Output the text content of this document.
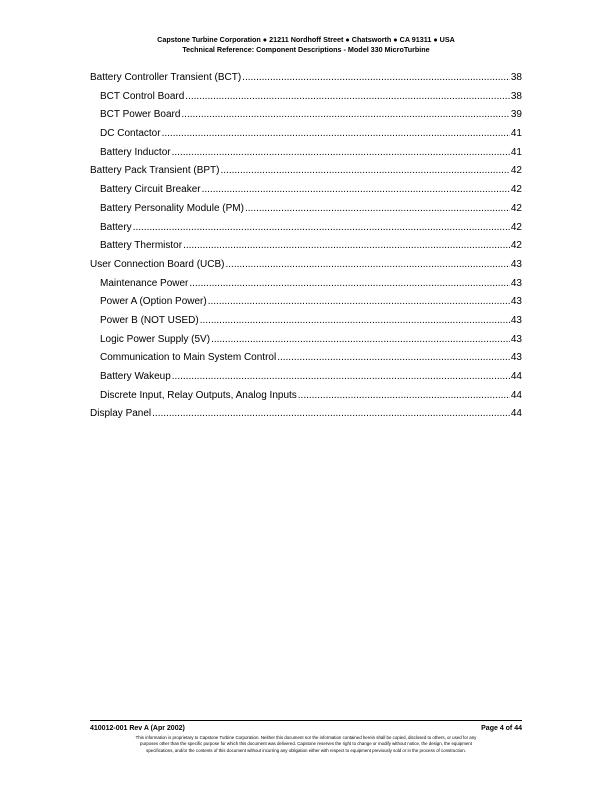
Capstone Turbine Corporation ● 21211 Nordhoff Street ● Chatsworth ● CA 91311 ● USA
Technical Reference: Component Descriptions - Model 330 MicroTurbine
Battery Controller Transient (BCT) .....	38
BCT Control Board .....	38
BCT Power Board .....	39
DC Contactor .....	41
Battery Inductor .....	41
Battery Pack Transient (BPT) .....	42
Battery Circuit Breaker .....	42
Battery Personality Module (PM) .....	42
Battery .....	42
Battery Thermistor .....	42
User Connection Board (UCB) .....	43
Maintenance Power .....	43
Power A (Option Power) .....	43
Power B (NOT USED) .....	43
Logic Power Supply (5V) .....	43
Communication to Main System Control .....	43
Battery Wakeup .....	44
Discrete Input, Relay Outputs, Analog Inputs .....	44
Display Panel .....	44
410012-001 Rev A (Apr 2002)	Page 4 of 44
This information is proprietary to Capstone Turbine Corporation. Neither this document nor the information contained herein shall be copied, disclosed to others, or used for any
purposes other than the specific purpose for which this document was delivered. Capstone reserves the right to change or modify without notice, the design, the equipment
specifications, and/or the contents of this document without incurring any obligation either with respect to equipment previously sold or in the process of construction.
